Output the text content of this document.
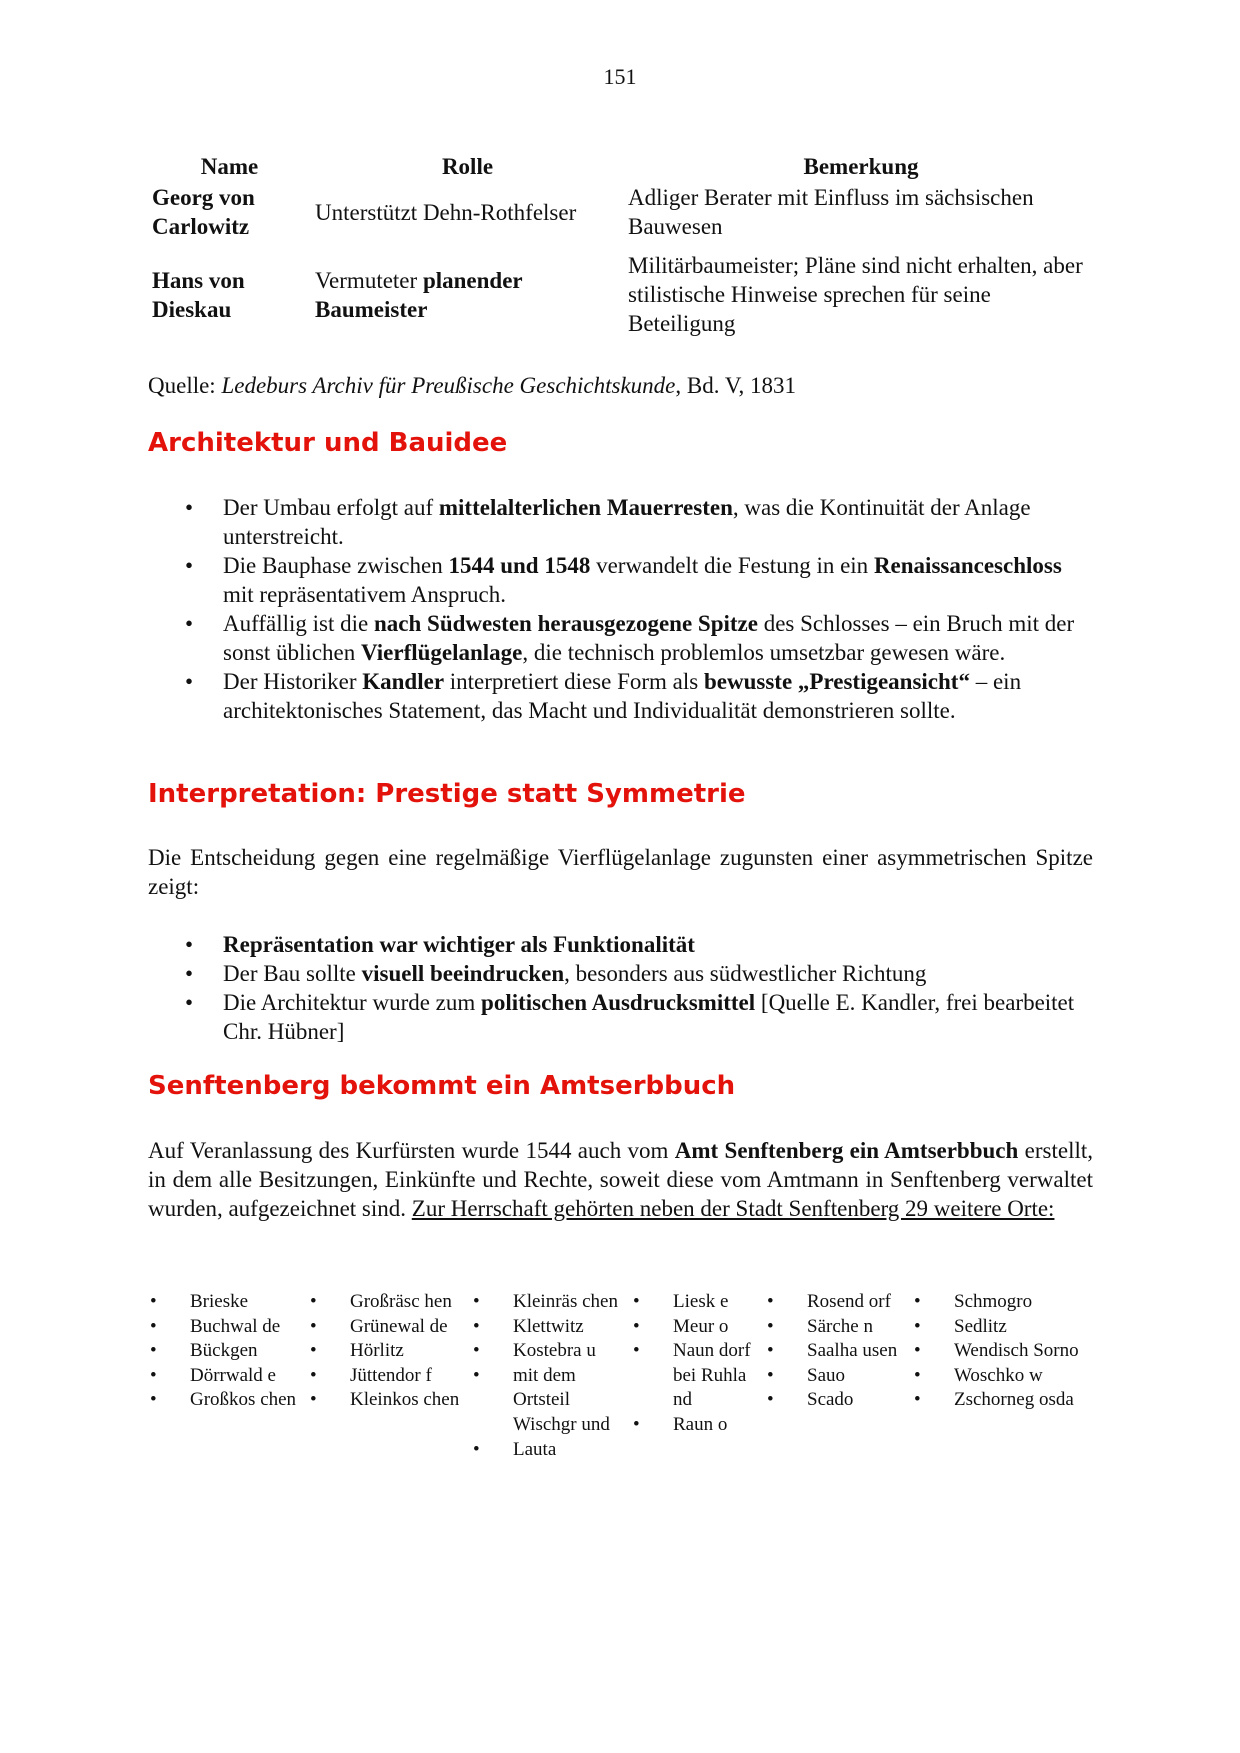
151
Name	Rolle	Bemerkung
Georg von Carlowitz	Unterstützt Dehn-Rothfelser	Adliger Berater mit Einfluss im sächsischen Bauwesen
Hans von Dieskau	Vermuteter planender Baumeister	Militärbaumeister; Pläne sind nicht erhalten, aber stilistische Hinweise sprechen für seine Beteiligung
Quelle: Ledeburs Archiv für Preußische Geschichtskunde, Bd. V, 1831
Architektur und Bauidee
• Der Umbau erfolgt auf mittelalterlichen Mauerresten, was die Kontinuität der Anlage unterstreicht.
• Die Bauphase zwischen 1544 und 1548 verwandelt die Festung in ein Renaissanceschloss mit repräsentativem Anspruch.
• Auffällig ist die nach Südwesten herausgezogene Spitze des Schlosses – ein Bruch mit der sonst üblichen Vierflügelanlage, die technisch problemlos umsetzbar gewesen wäre.
• Der Historiker Kandler interpretiert diese Form als bewusste „Prestigeansicht“ – ein architektonisches Statement, das Macht und Individualität demonstrieren sollte.
Interpretation: Prestige statt Symmetrie

Die Entscheidung gegen eine regelmäßige Vierflügelanlage zugunsten einer asymmetrischen Spitze zeigt:

• Repräsentation war wichtiger als Funktionalität
• Der Bau sollte visuell beeindrucken, besonders aus südwestlicher Richtung
• Die Architektur wurde zum politischen Ausdrucksmittel [Quelle E. Kandler, frei bearbeitet Chr. Hübner]
Senftenberg bekommt ein Amtserbbuch

Auf Veranlassung des Kurfürsten wurde 1544 auch vom Amt Senftenberg ein Amtserbbuch erstellt, in dem alle Besitzungen, Einkünfte und Rechte, soweit diese vom Amtmann in Senftenberg verwaltet wurden, aufgezeichnet sind. Zur Herrschaft gehörten neben der Stadt Senftenberg 29 weitere Orte:

• Brieske
• Buchwal de
• Bückgen
• Dörrwald e
• Großkos chen
• Großräsc hen
• Grünewal de
• Hörlitz
• Jüttendor f
• Kleinkos chen
• Kleinräs chen
• Klettwitz
• Kostebra u
• mit dem Ortsteil Wischgr und
• Lauta
• Liesk e
• Meur o
• Naun dorf bei Ruhla nd
• Raun o
• Rosend orf
• Särche n
• Saalha usen
• Sauo
• Scado
• Schmogro
• Sedlitz
• Wendisch Sorno
• Woschko w
• Zschorneg osda
